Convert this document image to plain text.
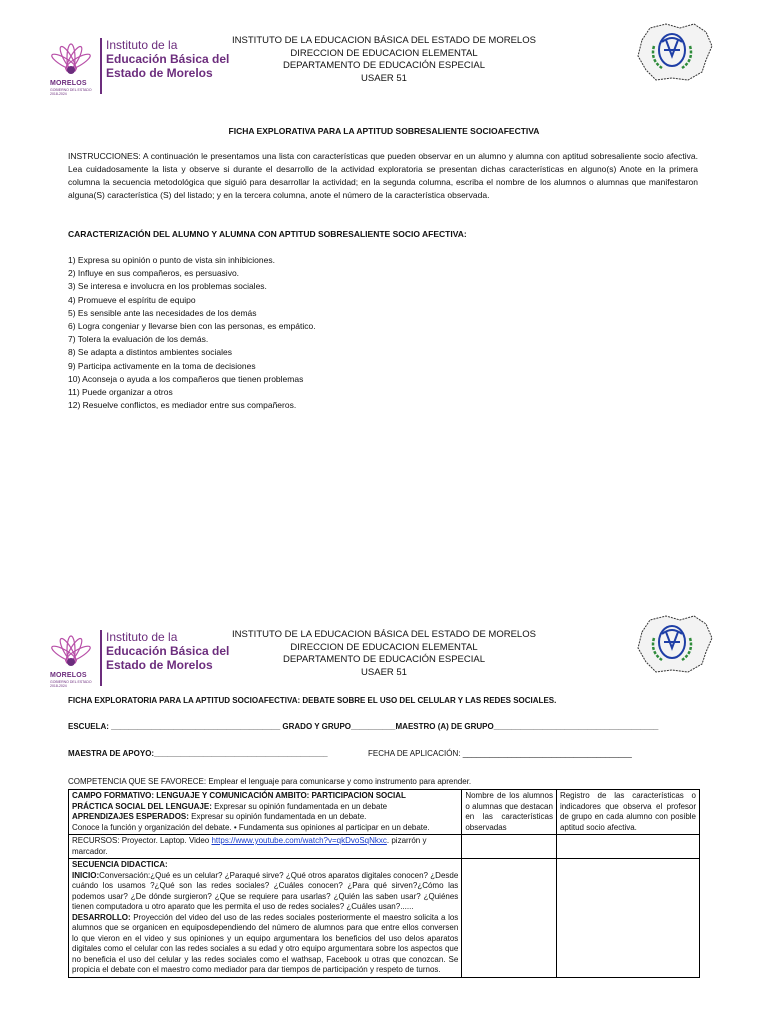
MORELOS
GOBIERNO DEL ESTADO 2018-2024
Instituto de la
Educación Básica del
Estado de Morelos
INSTITUTO DE LA EDUCACION BÁSICA DEL ESTADO DE MORELOS
DIRECCION DE EDUCACION ELEMENTAL
DEPARTAMENTO DE EDUCACIÓN ESPECIAL
USAER 51
FICHA EXPLORATIVA PARA LA APTITUD SOBRESALIENTE SOCIOAFECTIVA
INSTRUCCIONES: A continuación le presentamos una lista con características que pueden observar en un alumno y alumna con aptitud sobresaliente socio afectiva. Lea cuidadosamente la lista y observe si durante el desarrollo de la actividad exploratoria se presentan dichas características en alguno(s) Anote en la primera columna la secuencia metodológica que siguió para desarrollar la actividad; en la segunda columna, escriba el nombre de los alumnos o alumnas que manifestaron alguna(S) característica (S) del listado; y en la tercera columna, anote el número de la característica observada.
CARACTERIZACIÓN DEL ALUMNO Y ALUMNA CON APTITUD SOBRESALIENTE SOCIO AFECTIVA:
1) Expresa su opinión o punto de vista sin inhibiciones.
2) Influye en sus compañeros, es persuasivo.
3) Se interesa e involucra en los problemas sociales.
4) Promueve el espíritu de equipo
5) Es sensible ante las necesidades de los demás
6) Logra congeniar y llevarse bien con las personas, es empático.
7) Tolera la evaluación de los demás.
8) Se adapta a distintos ambientes sociales
9) Participa activamente en la toma de decisiones
10) Aconseja o ayuda a los compañeros que tienen problemas
11) Puede organizar a otros
12) Resuelve conflictos, es mediador entre sus compañeros.
MORELOS
GOBIERNO DEL ESTADO 2018-2024
Instituto de la
Educación Básica del
Estado de Morelos
INSTITUTO DE LA EDUCACION BÁSICA DEL ESTADO DE MORELOS
DIRECCION DE EDUCACION ELEMENTAL
DEPARTAMENTO DE EDUCACIÓN ESPECIAL
USAER 51
FICHA EXPLORATORIA PARA LA APTITUD SOCIOAFECTIVA: DEBATE SOBRE EL USO DEL CELULAR Y LAS REDES SOCIALES.
ESCUELA: ______________________________________ GRADO Y GRUPO__________MAESTRO (A) DE GRUPO_____________________________________
MAESTRA DE APOYO:_______________________________________	FECHA DE APLICACIÓN: ______________________________________
COMPETENCIA QUE SE FAVORECE: Emplear el lenguaje para comunicarse y como instrumento para aprender.
CAMPO FORMATIVO: LENGUAJE Y COMUNICACIÓN AMBITO: PARTICIPACION SOCIAL
PRÁCTICA SOCIAL DEL LENGUAJE: Expresar su opinión fundamentada en un debate
APRENDIZAJES ESPERADOS: Expresar su opinión fundamentada en un debate.
Conoce la función y organización del debate. • Fundamenta sus opiniones al participar en un debate.	Nombre de los alumnos o alumnas que destacan en las características observadas	Registro de las características o indicadores que observa el profesor de grupo en cada alumno con posible aptitud socio afectiva.
RECURSOS: Proyector. Laptop. Video https://www.youtube.com/watch?v=qkDvoSqNkxc. pizarrón y marcador.		

SECUENCIA DIDACTICA:
INICIO:Conversación:¿Qué es un celular? ¿Paraqué sirve? ¿Qué otros aparatos digitales conocen? ¿Desde cuándo los usamos ?¿Qué son las redes sociales? ¿Cuáles conocen? ¿Para qué sirven?¿Cómo las podemos usar? ¿De dónde surgieron? ¿Que se requiere para usarlas? ¿Quién las saben usar? ¿Quiénes tienen computadora u otro aparato que les permita el uso de redes sociales? ¿Cuáles usan?......
DESARROLLO: Proyección del video del uso de las redes sociales posteriormente el maestro solicita a los alumnos que se organicen en equiposdependiendo del número de alumnos para que entre ellos conversen lo que vieron en el video y sus opiniones y un equipo argumentara los beneficios del uso delos aparatos digitales como el celular con las redes sociales a su edad y otro equipo argumentara sobre los aspectos que no beneficia el uso del celular y las redes sociales como el wathsap, Facebook u otras que conozcan. Se propicia el debate con el maestro como mediador para dar tiempos de participación y respeto de turnos.		
